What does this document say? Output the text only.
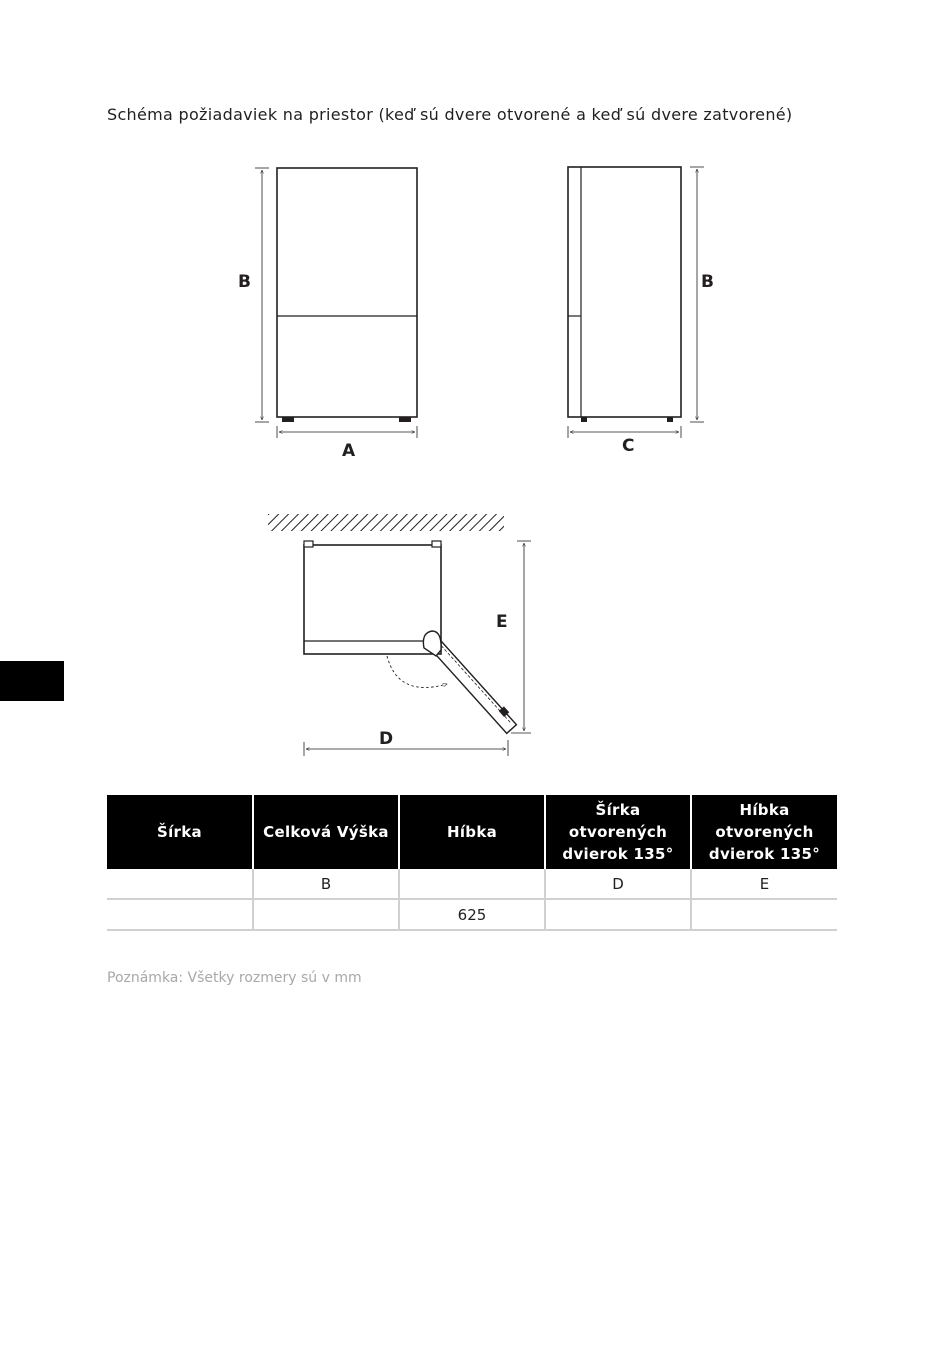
Schéma požiadaviek na priestor (keď sú dvere otvorené a keď sú dvere zatvorené)
B
A
B
C
E
D
Šírka	Celková Výška	Híbka	Šírka otvorených dvierok 135°	Híbka otvorených dvierok 135°
	B		D	E
		625		
Poznámka: Všetky rozmery sú v mm
